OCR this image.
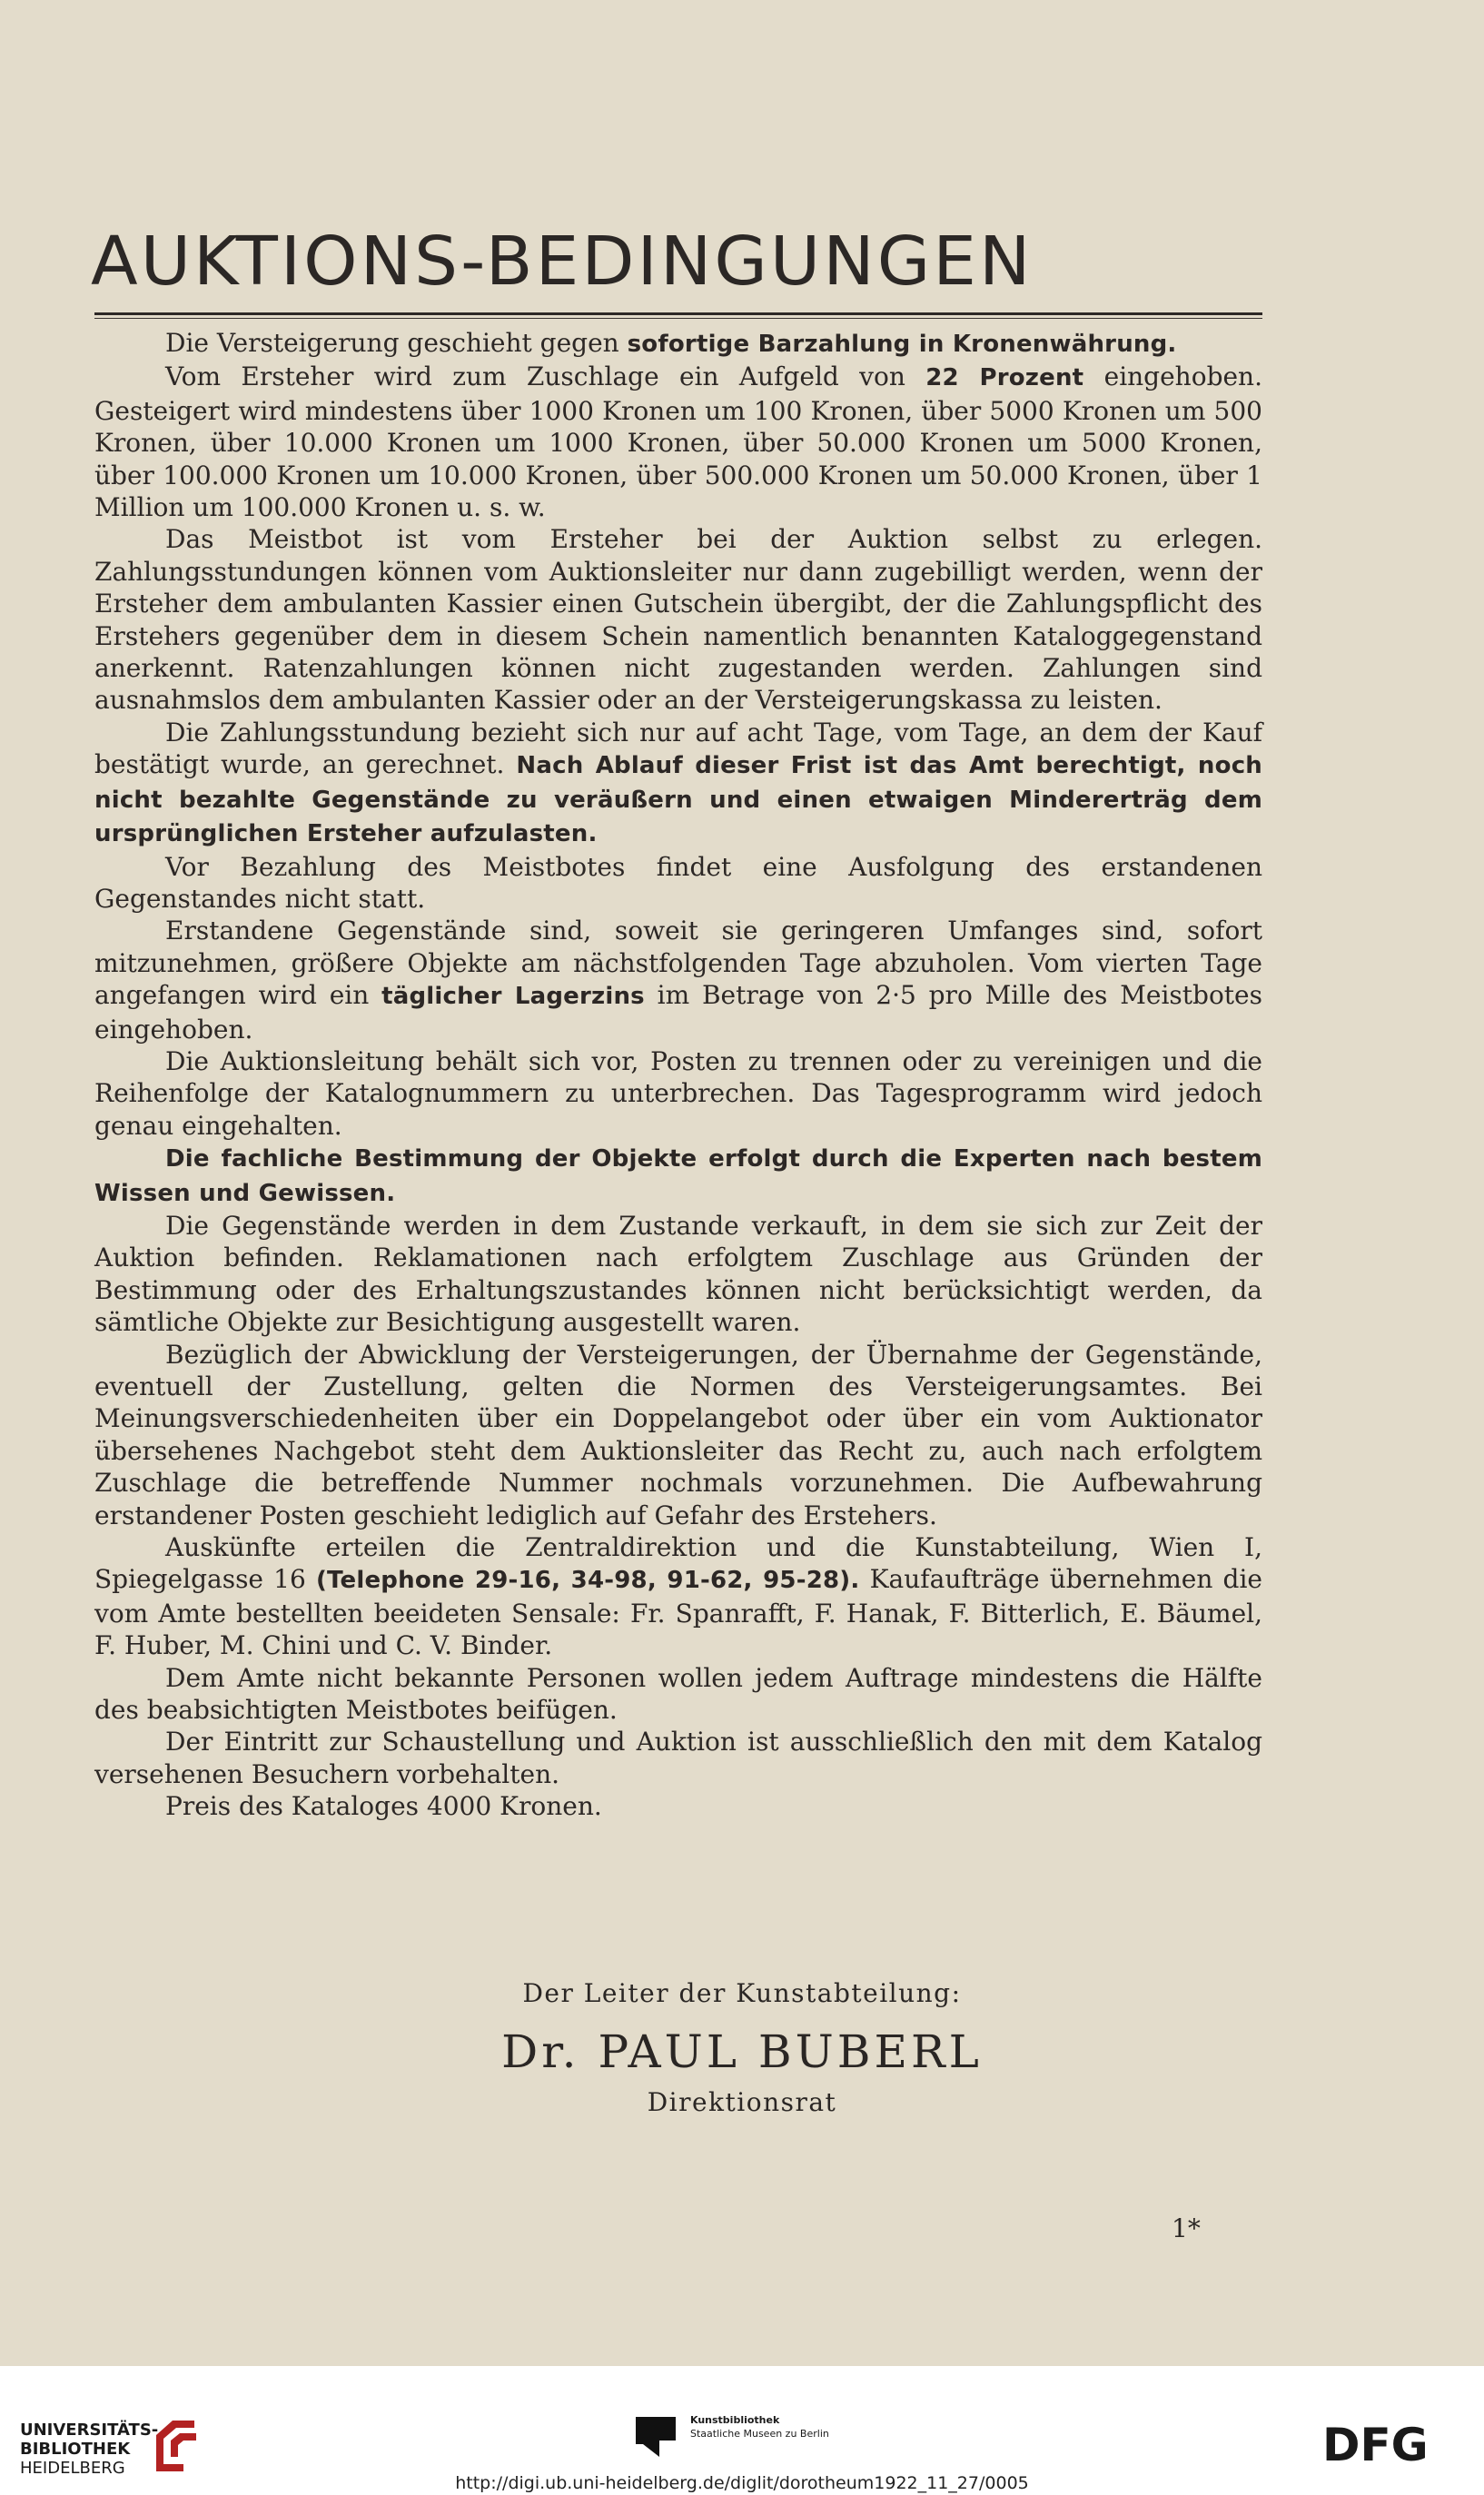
AUKTIONS-BEDINGUNGEN

Die Versteigerung geschieht gegen sofortige Barzahlung in Kronenwährung.

Vom Ersteher wird zum Zuschlage ein Aufgeld von 22 Prozent eingehoben. Gesteigert wird mindestens über 1000 Kronen um 100 Kronen, über 5000 Kronen um 500 Kronen, über 10.000 Kronen um 1000 Kronen, über 50.000 Kronen um 5000 Kronen, über 100.000 Kronen um 10.000 Kronen, über 500.000 Kronen um 50.000 Kronen, über 1 Million um 100.000 Kronen u. s. w.

Das Meistbot ist vom Ersteher bei der Auktion selbst zu erlegen. Zahlungsstundungen können vom Auktionsleiter nur dann zugebilligt werden, wenn der Ersteher dem ambulanten Kassier einen Gutschein übergibt, der die Zahlungspflicht des Erstehers gegenüber dem in diesem Schein namentlich benannten Kataloggegenstand anerkennt. Ratenzahlungen können nicht zugestanden werden. Zahlungen sind ausnahmslos dem ambulanten Kassier oder an der Versteigerungskassa zu leisten.

Die Zahlungsstundung bezieht sich nur auf acht Tage, vom Tage, an dem der Kauf bestätigt wurde, an gerechnet. Nach Ablauf dieser Frist ist das Amt berechtigt, noch nicht bezahlte Gegenstände zu veräußern und einen etwaigen Mindererträg dem ursprünglichen Ersteher aufzulasten.

Vor Bezahlung des Meistbotes findet eine Ausfolgung des erstandenen Gegenstandes nicht statt.

Erstandene Gegenstände sind, soweit sie geringeren Umfanges sind, sofort mitzunehmen, größere Objekte am nächstfolgenden Tage abzuholen. Vom vierten Tage angefangen wird ein täglicher Lagerzins im Betrage von 2·5 pro Mille des Meistbotes eingehoben.

Die Auktionsleitung behält sich vor, Posten zu trennen oder zu vereinigen und die Reihenfolge der Katalognummern zu unterbrechen. Das Tagesprogramm wird jedoch genau eingehalten.

Die fachliche Bestimmung der Objekte erfolgt durch die Experten nach bestem Wissen und Gewissen.

Die Gegenstände werden in dem Zustande verkauft, in dem sie sich zur Zeit der Auktion befinden. Reklamationen nach erfolgtem Zuschlage aus Gründen der Bestimmung oder des Erhaltungszustandes können nicht berücksichtigt werden, da sämtliche Objekte zur Besichtigung ausgestellt waren.

Bezüglich der Abwicklung der Versteigerungen, der Übernahme der Gegenstände, eventuell der Zustellung, gelten die Normen des Versteigerungsamtes. Bei Meinungsverschiedenheiten über ein Doppelangebot oder über ein vom Auktionator übersehenes Nachgebot steht dem Auktionsleiter das Recht zu, auch nach erfolgtem Zuschlage die betreffende Nummer nochmals vorzunehmen. Die Aufbewahrung erstandener Posten geschieht lediglich auf Gefahr des Erstehers.

Auskünfte erteilen die Zentraldirektion und die Kunstabteilung, Wien I, Spiegelgasse 16 (Telephone 29-16, 34-98, 91-62, 95-28). Kaufaufträge übernehmen die vom Amte bestellten beeideten Sensale: Fr. Spanrafft, F. Hanak, F. Bitterlich, E. Bäumel, F. Huber, M. Chini und C. V. Binder.

Dem Amte nicht bekannte Personen wollen jedem Auftrage mindestens die Hälfte des beabsichtigten Meistbotes beifügen.

Der Eintritt zur Schaustellung und Auktion ist ausschließlich den mit dem Katalog versehenen Besuchern vorbehalten.

Preis des Kataloges 4000 Kronen.

Der Leiter der Kunstabteilung:
Dr. PAUL BUBERL
Direktionsrat
1*
UNIVERSITÄTS-
BIBLIOTHEK
HEIDELBERG
Kunstbibliothek
Staatliche Museen zu Berlin	DFG
http://digi.ub.uni-heidelberg.de/diglit/dorotheum1922_11_27/0005
